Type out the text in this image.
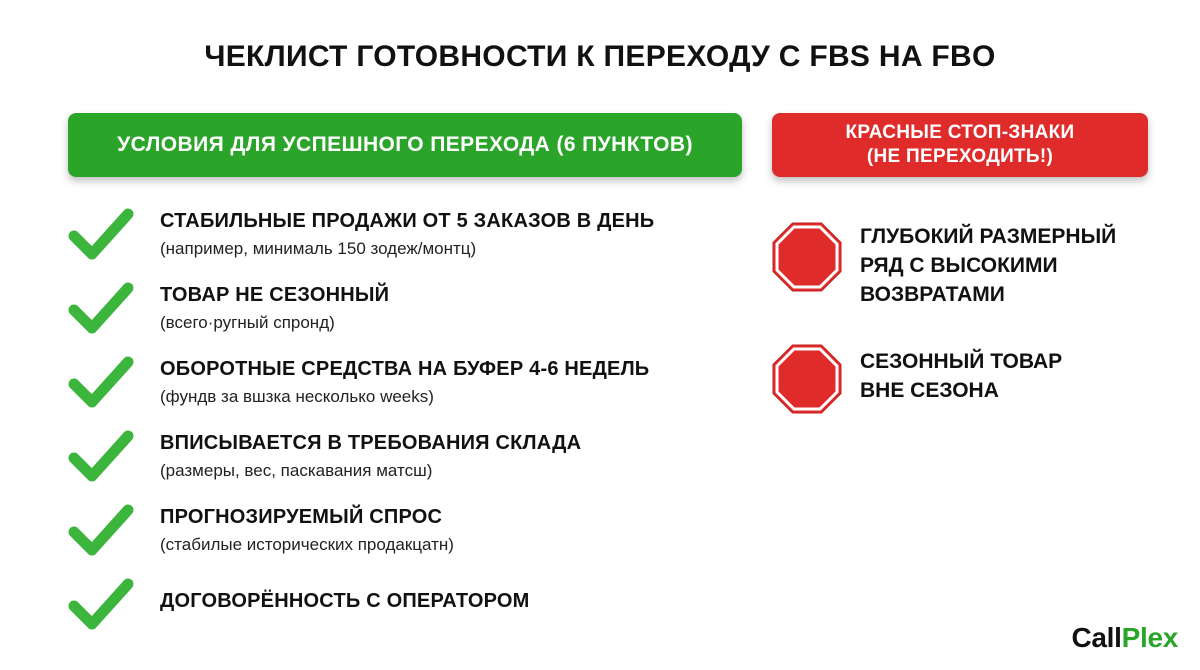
ЧЕКЛИСТ ГОТОВНОСТИ К ПЕРЕХОДУ С FBS НА FBO
УСЛОВИЯ ДЛЯ УСПЕШНОГО ПЕРЕХОДА (6 ПУНКТОВ)
КРАСНЫЕ СТОП-ЗНАКИ
(НЕ ПЕРЕХОДИТЬ!)
СТАБИЛЬНЫЕ ПРОДАЖИ ОТ 5 ЗАКАЗОВ В ДЕНЬ
(например, минималь 150 зодеж/монтц)
ТОВАР НЕ СЕЗОННЫЙ
(всего·ругный спронд)
ОБОРОТНЫЕ СРЕДСТВА НА БУФЕР 4-6 НЕДЕЛЬ
(фундв за вшзка несколько weeks)
ВПИСЫВАЕТСЯ В ТРЕБОВАНИЯ СКЛАДА
(размеры, вес, паскавания матсш)
ПРОГНОЗИРУЕМЫЙ СПРОС
(стабилые исторических продакцатн)
ДОГОВОРЁННОСТЬ С ОПЕРАТОРОМ
ГЛУБОКИЙ РАЗМЕРНЫЙ
РЯД С ВЫСОКИМИ
ВОЗВРАТАМИ
СЕЗОННЫЙ ТОВАР
ВНЕ СЕЗОНА
CallPlex
